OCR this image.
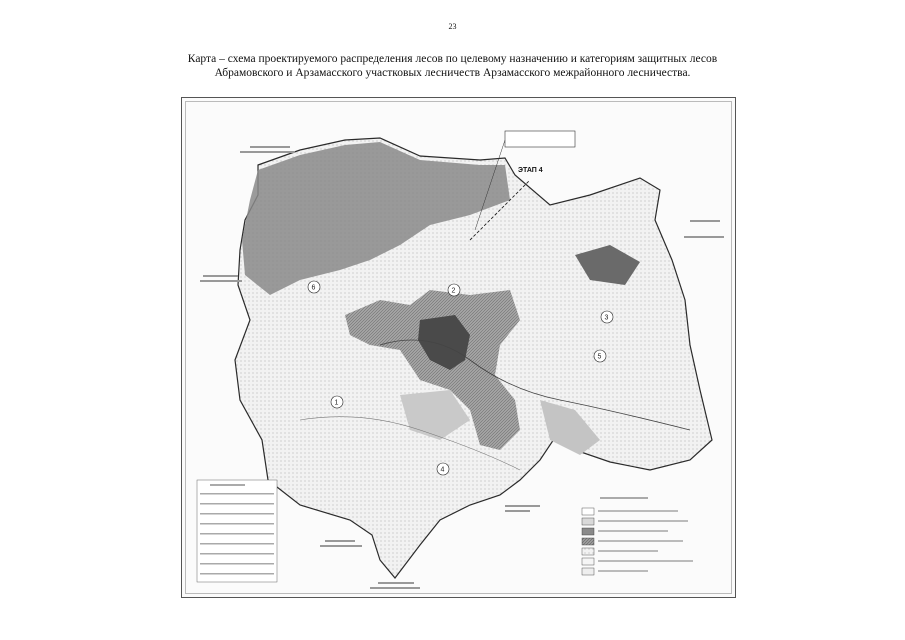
23
Карта – схема проектируемого распределения лесов по целевому назначению и категориям защитных лесов
Абрамовского и Арзамасского участковых лесничеств Арзамасского межрайонного лесничества.
2
3
4
5
6
1
ЭТАП 4
